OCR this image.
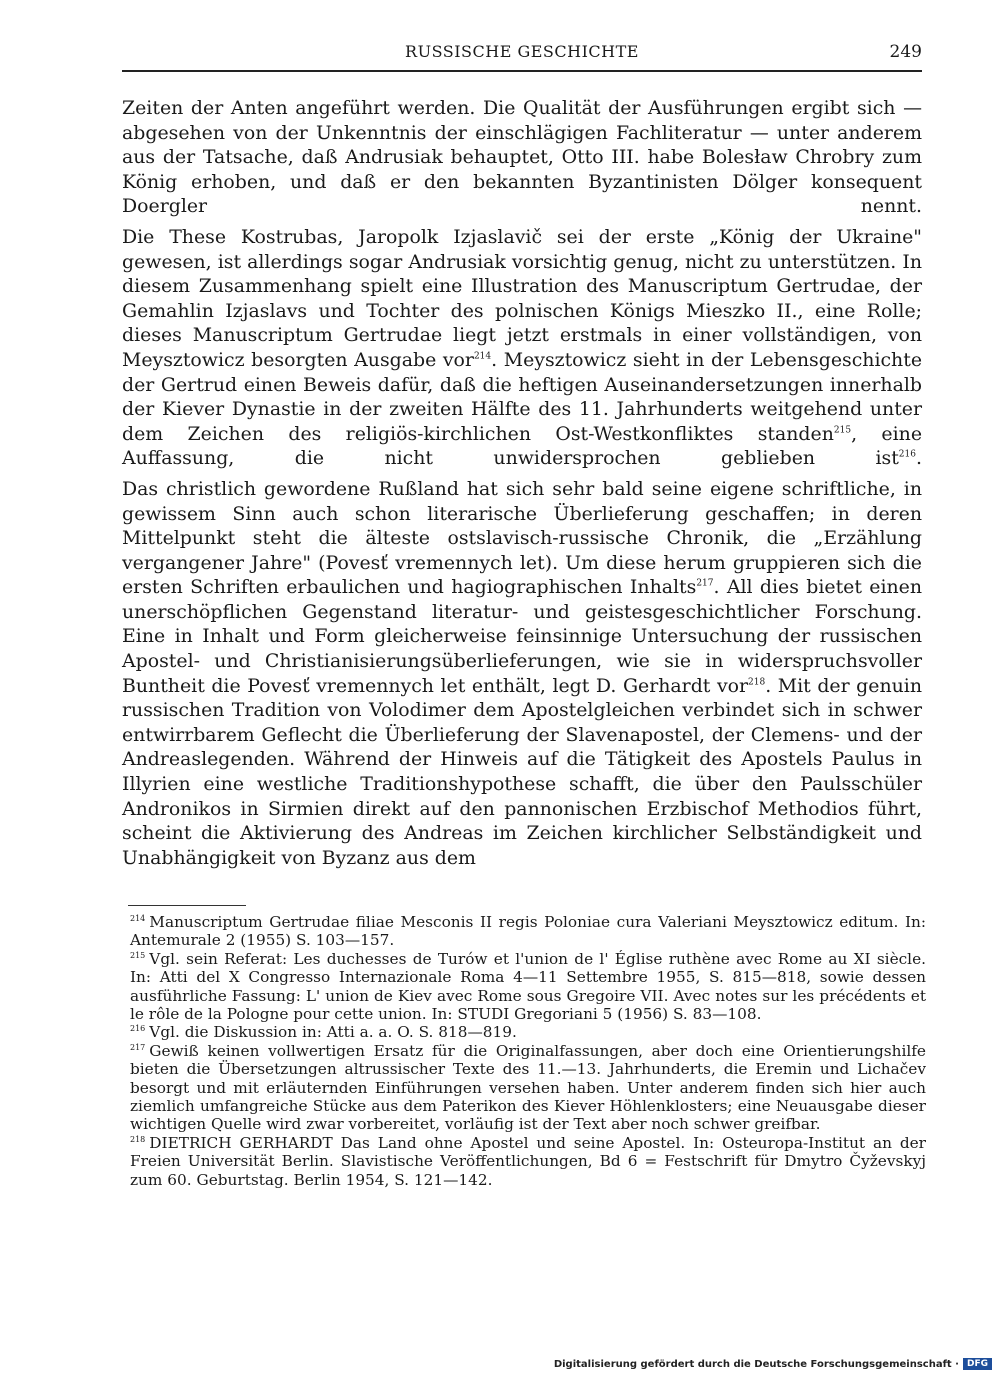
RUSSISCHE GESCHICHTE	249

Zeiten der Anten angeführt werden. Die Qualität der Ausführungen ergibt sich — abgesehen von der Unkenntnis der einschlägigen Fachliteratur — unter anderem aus der Tatsache, daß Andrusiak behauptet, Otto III. habe Bolesław Chrobry zum König erhoben, und daß er den bekannten Byzantinisten Dölger konsequent Doergler nennt.

Die These Kostrubas, Jaropolk Izjaslavič sei der erste „König der Ukraine" gewesen, ist allerdings sogar Andrusiak vorsichtig genug, nicht zu unterstützen. In diesem Zusammenhang spielt eine Illustration des Manuscriptum Gertrudae, der Gemahlin Izjaslavs und Tochter des polnischen Königs Mieszko II., eine Rolle; dieses Manuscriptum Gertrudae liegt jetzt erstmals in einer vollständigen, von Meysztowicz besorgten Ausgabe vor$^{214}$. Meysztowicz sieht in der Lebensgeschichte der Gertrud einen Beweis dafür, daß die heftigen Auseinandersetzungen innerhalb der Kiever Dynastie in der zweiten Hälfte des 11. Jahrhunderts weitgehend unter dem Zeichen des religiös-kirchlichen Ost-Westkonfliktes standen$^{215}$, eine Auffassung, die nicht unwidersprochen geblieben ist$^{216}$.

Das christlich gewordene Rußland hat sich sehr bald seine eigene schriftliche, in gewissem Sinn auch schon literarische Überlieferung geschaffen; in deren Mittelpunkt steht die älteste ostslavisch-russische Chronik, die „Erzählung vergangener Jahre" (Povesť vremennych let). Um diese herum gruppieren sich die ersten Schriften erbaulichen und hagiographischen Inhalts$^{217}$. All dies bietet einen unerschöpflichen Gegenstand literatur- und geistesgeschichtlicher Forschung. Eine in Inhalt und Form gleicherweise feinsinnige Untersuchung der russischen Apostel- und Christianisierungsüberlieferungen, wie sie in widerspruchsvoller Buntheit die Povesť vremennych let enthält, legt D. Gerhardt vor$^{218}$. Mit der genuin russischen Tradition von Volodimer dem Apostelgleichen verbindet sich in schwer entwirrbarem Geflecht die Überlieferung der Slavenapostel, der Clemens- und der Andreaslegenden. Während der Hinweis auf die Tätigkeit des Apostels Paulus in Illyrien eine westliche Traditionshypothese schafft, die über den Paulsschüler Andronikos in Sirmien direkt auf den pannonischen Erzbischof Methodios führt, scheint die Aktivierung des Andreas im Zeichen kirchlicher Selbständigkeit und Unabhängigkeit von Byzanz aus dem

$^{214}$ Manuscriptum Gertrudae filiae Mesconis II regis Poloniae cura Valeriani Meysztowicz editum. In: Antemurale 2 (1955) S. 103—157.

$^{215}$ Vgl. sein Referat: Les duchesses de Turów et l'union de l' Église ruthène avec Rome au XI siècle. In: Atti del X Congresso Internazionale Roma 4—11 Settembre 1955, S. 815—818, sowie dessen ausführliche Fassung: L' union de Kiev avec Rome sous Gregoire VII. Avec notes sur les précédents et le rôle de la Pologne pour cette union. In: STUDI Gregoriani 5 (1956) S. 83—108.

$^{216}$ Vgl. die Diskussion in: Atti a. a. O. S. 818—819.

$^{217}$ Gewiß keinen vollwertigen Ersatz für die Originalfassungen, aber doch eine Orientierungshilfe bieten die Übersetzungen altrussischer Texte des 11.—13. Jahrhunderts, die Eremin und Lichačev besorgt und mit erläuternden Einführungen versehen haben. Unter anderem finden sich hier auch ziemlich umfangreiche Stücke aus dem Paterikon des Kiever Höhlenklosters; eine Neuausgabe dieser wichtigen Quelle wird zwar vorbereitet, vorläufig ist der Text aber noch schwer greifbar.

$^{218}$ DIETRICH GERHARDT Das Land ohne Apostel und seine Apostel. In: Osteuropa-Institut an der Freien Universität Berlin. Slavistische Veröffentlichungen, Bd 6 = Festschrift für Dmytro Čyževskyj zum 60. Geburtstag. Berlin 1954, S. 121—142.

Digitalisierung gefördert durch die Deutsche Forschungsgemeinschaft · DFG
